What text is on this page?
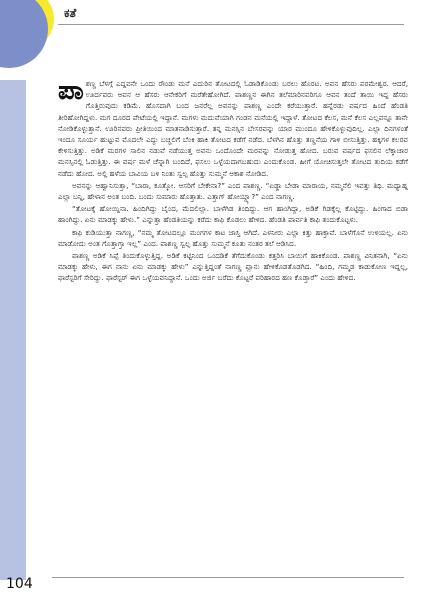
ಕತೆ

ಪಾಶಣ್ಣ ಬೆಳಗ್ಗೆ ಎದ್ದವನೇ ಒಂದು ರೌಂಡು ಮನೆ ಎದುರಿನ ತೋಟದಲ್ಲಿ ಓಡಾಡಿಕೊಂಡು ಬರಲು ಹೊರಟ. ಅವನ ಹೆಸರು ಪರಮೇಶ್ವರ. ಆದರೆ, ಊರ್ದವರು ಅವನ ಆ ಹೆಸರು ಆನೇಕರಿಗೆ ಮರೆತೇಹೋಗಿದೆ. ಪಾಶಣ್ಣನ ಈಗಿನ ತಲೆಮಾರಿನವರಿಗೂ ಆವನ ತಂದೆ ತಾಯಿ ಇದ್ದ ಹೆಸರು ಗೊತ್ತಿರುವುದು ಕಡಿಮೆ. ಹೊಸದಾಗಿ ಬಂದ ಜನರೆಲ್ಲ ಅವನನ್ನು ಪಾಶಣ್ಣ ಎಂದೇ ಕರೆಯುತ್ತಾರೆ. ಹನ್ನೆರಡು ವರ್ಷದ ಹಿಂದೆ ಹೆಂಡತಿ ತೀರಿಹೋಗಿದ್ದಳು. ಮಗ ದೂರದ ಪೇಟೆಯಲ್ಲಿ ಇದ್ದಾನೆ. ಮಗಳು ಮದುವೆಯಾಗಿ ಗಂಡನ ಮನೆಯಲ್ಲಿ ಇದ್ದಾಳೆ. ತೋಟದ ಕೆಲಸ, ಮನೆ ಕೆಲಸ ಎಲ್ಲವನ್ನೂ ತಾನೇ ನೋಡಿಕೊಳ್ಳುತ್ತಾನೆ. ಊರಿನವರು ಪ್ರೀತಿಯಿಂದ ಮಾತನಾಡಿಸುತ್ತಾರೆ. ತನ್ನ ಮನಸ್ಸಿನ ಬೇಸರವನ್ನು ಯಾರ ಮುಂದೂ ಹೇಳಿಕೊಳ್ಳುವುದಿಲ್ಲ. ಎಲ್ಲಾ ದಿನಗಳಂತೆ ಇಂದೂ ಸೂರ್ಯ ಹುಟ್ಟುವ ಮೊದಲೇ ಎದ್ದು ಬಚ್ಚಲಿಗೆ ಬೆಂಕಿ ಹಾಕಿ ತೋಟದ ಕಡೆಗೆ ನಡೆದ. ಬೆಳಗಿನ ಹೊತ್ತು ತಣ್ಣನೆಯ ಗಾಳಿ ಬೀಸುತ್ತಿತ್ತು. ಹಕ್ಕಿಗಳ ಕಲರವ ಕೇಳಿಸುತ್ತಿತ್ತು. ಅಡಿಕೆ ಮರಗಳ ಸಾಲಿನ ನಡುವೆ ನಡೆಯುತ್ತ ಅವನು ಒಂದೊಂದೇ ಮರವನ್ನು ನೋಡುತ್ತ ಹೋದ. ಬರುವ ವರ್ಷದ ಫಸಲಿನ ಲೆಕ್ಕಾಚಾರ ಮನಸ್ಸಿನಲ್ಲಿ ಓಡುತ್ತಿತ್ತು. ಈ ವರ್ಷ ಮಳೆ ಚೆನ್ನಾಗಿ ಬಂದಿದೆ, ಫಸಲು ಒಳ್ಳೆಯದಾಗಬಹುದು ಎಂದುಕೊಂಡ. ಹೀಗೆ ಯೋಚಿಸುತ್ತಲೇ ತೋಟದ ತುದಿಯ ಕಡೆಗೆ ನಡೆದು ಹೋದ. ಅಲ್ಲಿ ಹಳೆಯ ಬಾವಿಯ ಬಳಿ ನಿಂತು ಸ್ವಲ್ಪ ಹೊತ್ತು ಸುಮ್ಮನೆ ಆಕಾಶ ನೋಡಿದ.

ಅವನನ್ನು ಆಹ್ವಾನಿಸುತ್ತಾ, “ಬಾರಾ, ಕೂತ್ಕೋ. ಆಸರಿಗೆ ಬೇಕೇನಾ?” ಎಂದ ಪಾಶಣ್ಣ. “ಏಡ್ಡಾ ಬೇಡಾ ಮಾರಾಯ, ನಮ್ಮನೆಲಿ ಇವತ್ತು ತಿಥಿ. ಮಧ್ಯಾಹ್ನ ಎಲ್ಲಾ ಬನ್ನಿ, ಹೇಳಾನ ಅಂತ ಬಂದಿ. ಬಂದು ಸುಮಾರು ಹೊತ್ತಾತು. ಎತ್ತಾಗ್ ಹೋಯ್ದ್ಯಾ?” ಎಂದ ನಾಗಣ್ಣ.

“ತೋಟಕ್ಕೆ ಹೋಯ್ದಿನಾ. ಹಿಂದಿಗಿದ್ದು ಬೈಂದ, ಮೆದಲಿಲ್ಲಾ. ಬಾಳೆಗಿಡ ತಿಂದಿದ್ದು. ಆಗ ಹಾಂಗಿದ್ದಾ, ಅಡಿಕೆ ಗಿಡಕ್ಕೆಲ್ಲ ಕೊಟ್ಟಿದ್ದು. ಹಿಂಗಾದ ಬಿಡಾ ಹಾಂಗಿದ್ದು. ಏನು ಮಾಡಕ್ಕು ಹೇಳು.” ಎನ್ನುತ್ತಾ ಹೆಂಡತಿಯನ್ನು ಕರೆದು ಕಾಫಿ ಕೊಡಲು ಹೇಳಿದ. ಹೆಂಡತಿ ಪಾರ್ವತಿ ಕಾಫಿ ತಂದುಕೊಟ್ಟಳು.

ಕಾಫಿ ಕುಡಿಯುತ್ತಾ ನಾಗಣ್ಣ, “ನಮ್ಮ ತೋಟದಲ್ಲೂ ಮಂಗಗಳ ಕಾಟ ಜಾಸ್ತಿ ಆಗಿದೆ. ಎಳನೀರು ಎಲ್ಲಾ ಕಿತ್ತು ಹಾಕ್ತಾವೆ. ಬಾಳೆಗೊನೆ ಉಳಿಯಲ್ಲ. ಏನು ಮಾಡೋದು ಅಂತ ಗೊತ್ತಾಗ್ತಾ ಇಲ್ಲ” ಎಂದ. ಪಾಶಣ್ಣ ಸ್ವಲ್ಪ ಹೊತ್ತು ಸುಮ್ಮನೆ ಕೂತು ನಂತರ ತಲೆ ಆಡಿಸಿದ.

ಪಾಶಣ್ಣ ಅಡಿಕೆ ಸಿಪ್ಪೆ ತಿಂದುಕೊಳ್ಳುತ್ತಿದ್ದ. ಅಡಿಕೆ ಕಟ್ಟಿನಿಂದ ಒಂದಡಿಕೆ ತೆಗೆದುಕೊಂಡು ಕತ್ತರಿಸಿ ಬಾಯಿಗೆ ಹಾಕಿಕೊಂಡ. ಪಾಶಣ್ಣ ವಿನಿತನಾಗಿ, “ಏನು ಮಾಡಕ್ಕು ಹೇಳು, ಈಗ ನಾನು ಏನು ಮಾಡಕ್ಕು ಹೇಳು” ಎನ್ನುತ್ತಿದ್ದಂತೆ ನಾಗಣ್ಣ ಪ್ಲಾನು ಹೇಳಿಕೊಡತೊಡಗಿದ. “ಹಿಂದಿ, ಗಮ್ಮಡ ಕಾಡುಕೋಣ ಇದ್ದಲ್ಲ, ಫಾರೆಸ್ಟರಿಗೆ ಸೇರಿದ್ದು. ಫಾರೆಸ್ಟರ್ ಈಗ ಒಳ್ಳೆಯವನಿದ್ದಾನೆ. ಒಂದು ಅರ್ಜಿ ಬರೆದು ಕೊಟ್ಟರೆ ಪರಿಹಾರದ ಹಣ ಕೊಡ್ತಾರೆ” ಎಂದು ಹೇಳಿದ.

104
